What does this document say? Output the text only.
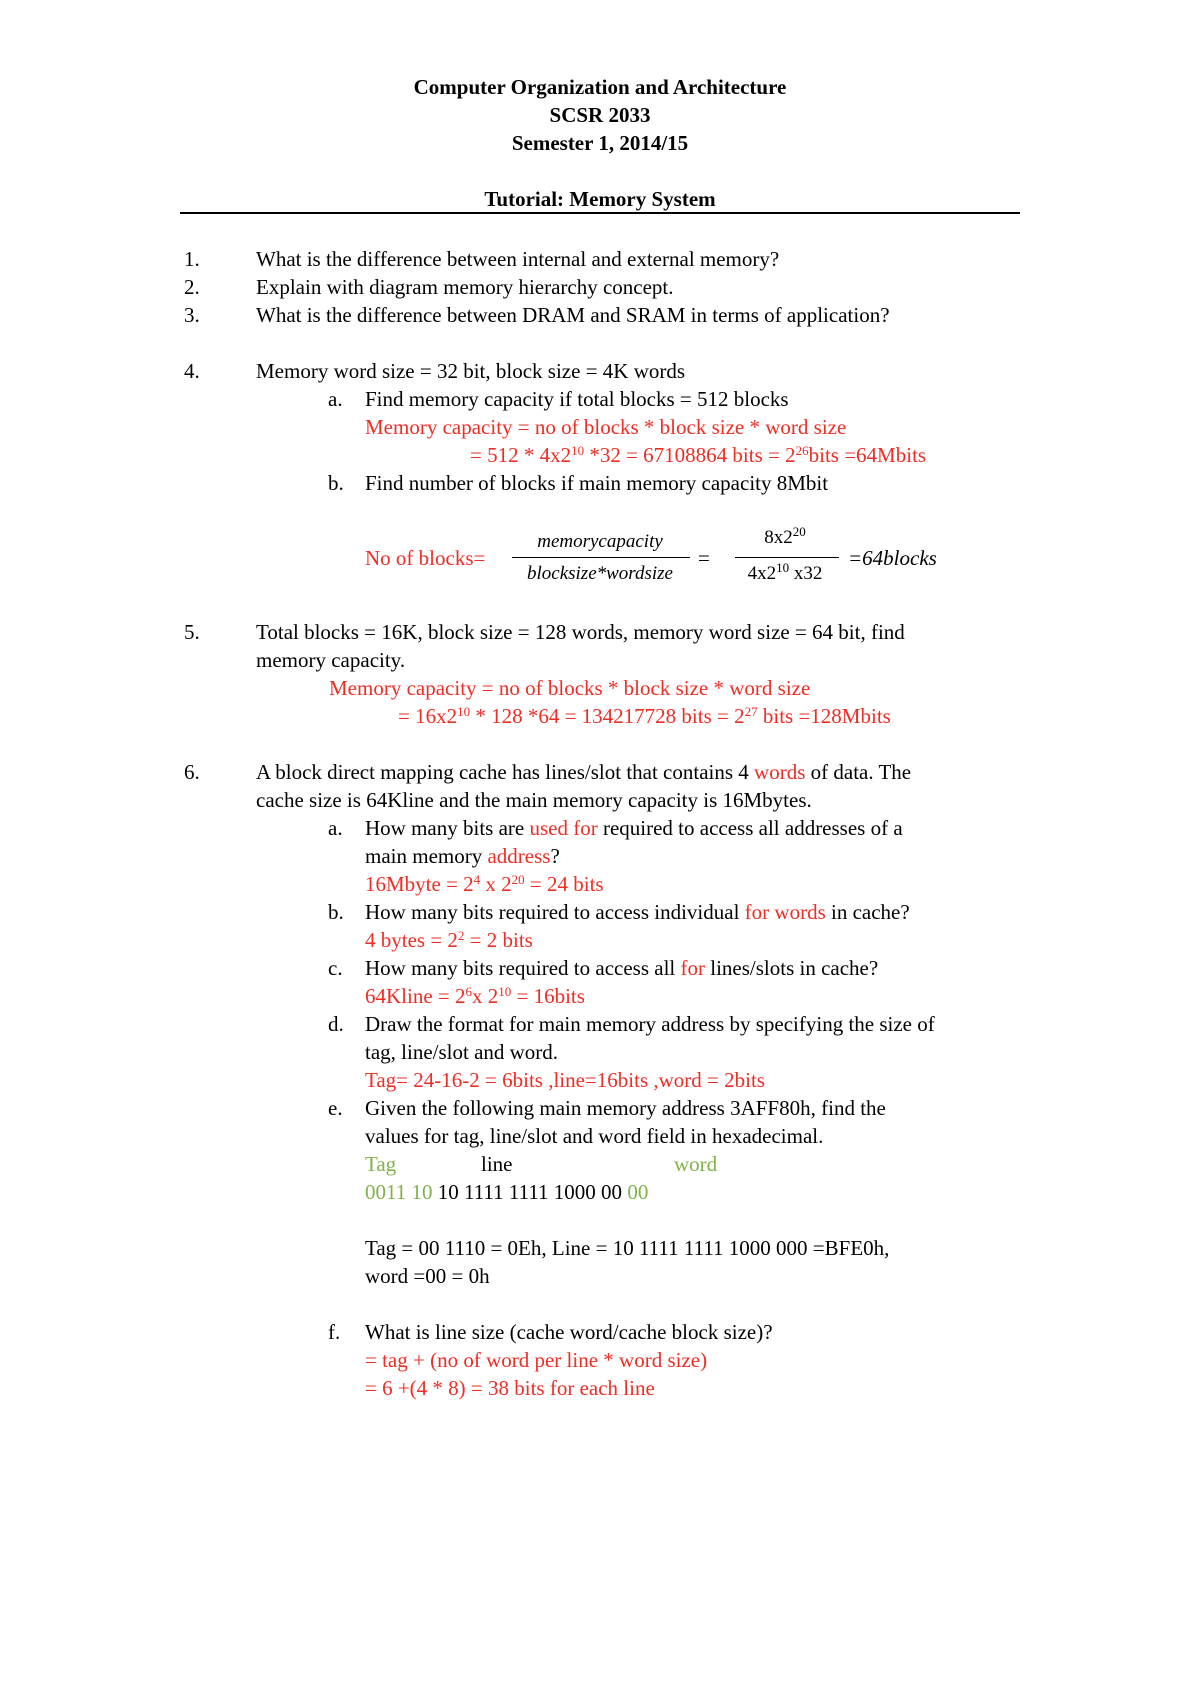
Computer Organization and Architecture
SCSR 2033
Semester 1, 2014/15
Tutorial: Memory System
1.	What is the difference between internal and external memory?
2.	Explain with diagram memory hierarchy concept.
3.	What is the difference between DRAM and SRAM in terms of application?
4.	Memory word size = 32 bit, block size = 4K words
a. Find memory capacity if total blocks = 512 blocks
Memory capacity = no of blocks * block size * word size
= $512 * 4x2^{10}$ *32 = 67108864 bits = $2^{26}bits$ =64Mbits
b. Find number of blocks if main memory capacity 8Mbit
No of blocks=
memorycapacity
blocksize*wordsize
=
$8x2^{20}$
$4x2^{10}$ x32
=64blocks
5.	Total blocks = 16K, block size = 128 words, memory word size = 64 bit, find
memory capacity.
Memory capacity = no of blocks * block size * word size
= $16x2^{10} * 128$ *64 = 134217728 bits = $2^{27}$ bits =128Mbits
6.	A block direct mapping cache has lines/slot that contains 4 words of data. The
cache size is 64Kline and the main memory capacity is 16Mbytes.
a. How many bits are used for required to access all addresses of a
main memory address?
16Mbyte = $2^4$ x $2^{20} = 24$ bits
b. How many bits required to access individual for words in cache?
4 bytes = $2^2 = 2$ bits
c. How many bits required to access all for lines/slots in cache?
64Kline = $2^6x$ $2^{10}$ = 16bits
d. Draw the format for main memory address by specifying the size of
tag, line/slot and word.
Tag= 24-16-2 = 6bits ,line=16bits ,word = 2bits
e. Given the following main memory address 3AFF80h, find the
values for tag, line/slot and word field in hexadecimal.
Tag	line	word
0011 10 10 1111 1111 1000 00 00
Tag = 00 1110 = 0Eh, Line = 10 1111 1111 1000 000 =BFE0h,
word =00 = 0h
f. What is line size (cache word/cache block size)?
= tag + (no of word per line * word size)
= 6 +(4 * 8) = 38 bits for each line
